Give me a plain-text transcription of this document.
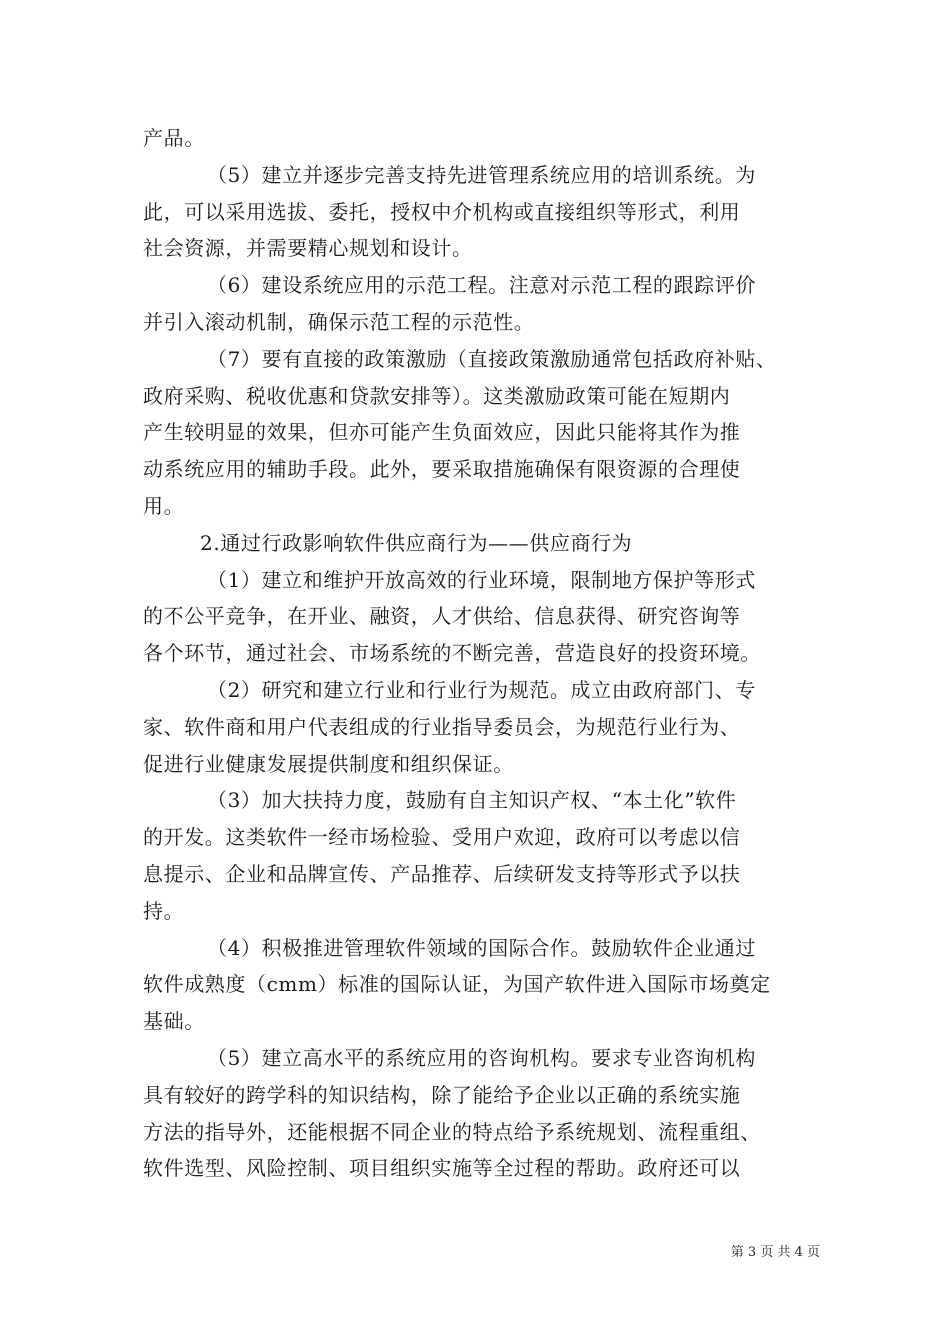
产品。

（5）建立并逐步完善支持先进管理系统应用的培训系统。为

此，可以采用选拔、委托，授权中介机构或直接组织等形式，利用

社会资源，并需要精心规划和设计。

（6）建设系统应用的示范工程。注意对示范工程的跟踪评价

并引入滚动机制，确保示范工程的示范性。

（7）要有直接的政策激励（直接政策激励通常包括政府补贴、

政府采购、税收优惠和贷款安排等）。这类激励政策可能在短期内

产生较明显的效果，但亦可能产生负面效应，因此只能将其作为推

动系统应用的辅助手段。此外，要采取措施确保有限资源的合理使

用。

2.通过行政影响软件供应商行为——供应商行为

（1）建立和维护开放高效的行业环境，限制地方保护等形式

的不公平竞争，在开业、融资，人才供给、信息获得、研究咨询等

各个环节，通过社会、市场系统的不断完善，营造良好的投资环境。

（2）研究和建立行业和行业行为规范。成立由政府部门、专

家、软件商和用户代表组成的行业指导委员会，为规范行业行为、

促进行业健康发展提供制度和组织保证。

（3）加大扶持力度，鼓励有自主知识产权、“本土化”软件

的开发。这类软件一经市场检验、受用户欢迎，政府可以考虑以信

息提示、企业和品牌宣传、产品推荐、后续研发支持等形式予以扶

持。

（4）积极推进管理软件领域的国际合作。鼓励软件企业通过

软件成熟度（cmm）标准的国际认证，为国产软件进入国际市场奠定

基础。

（5）建立高水平的系统应用的咨询机构。要求专业咨询机构

具有较好的跨学科的知识结构，除了能给予企业以正确的系统实施

方法的指导外，还能根据不同企业的特点给予系统规划、流程重组、

软件选型、风险控制、项目组织实施等全过程的帮助。政府还可以

第 3 页 共 4 页
